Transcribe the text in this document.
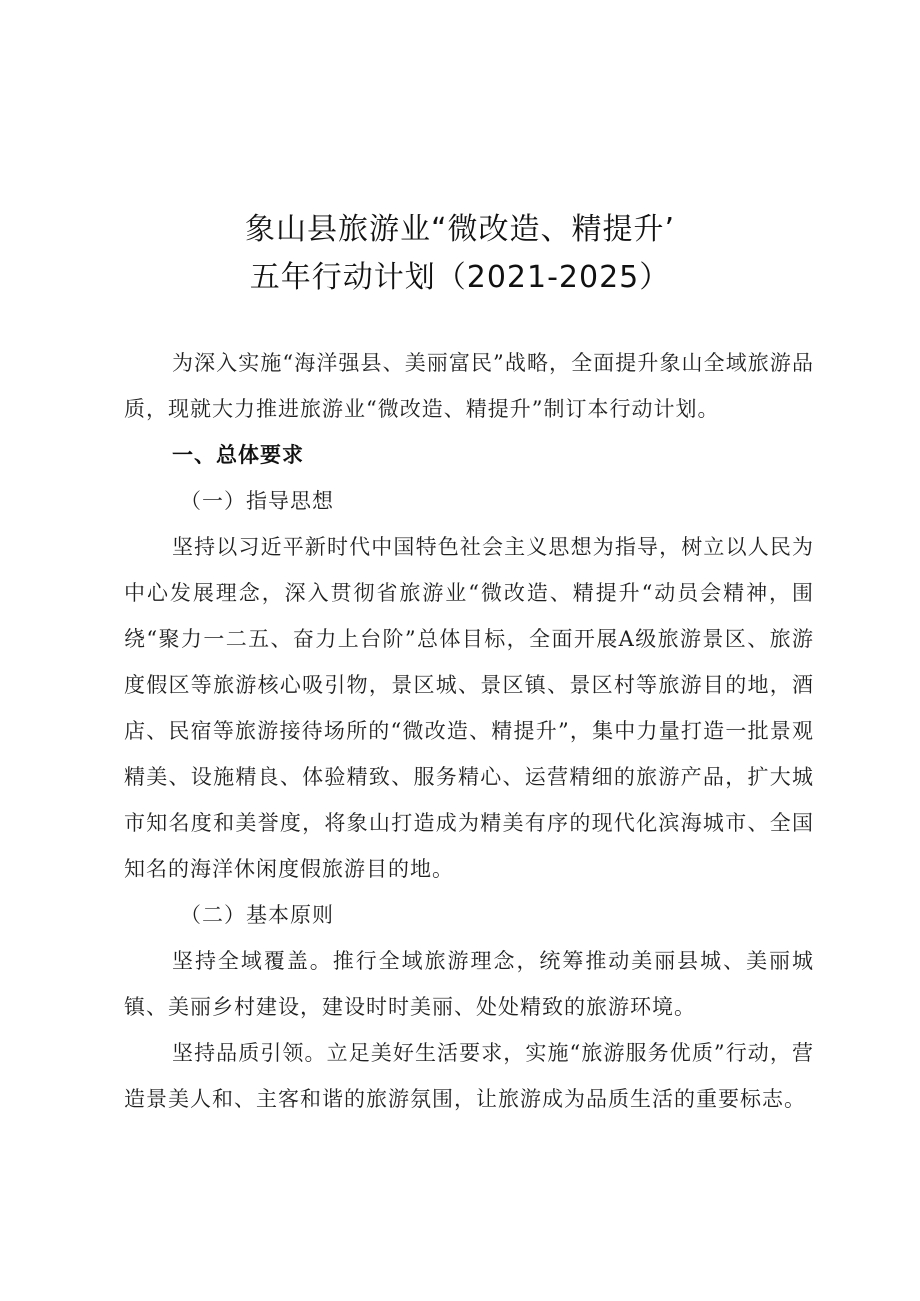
象山县旅游业“微改造、精提升’
五年行动计划（2021-2025）
为深入实施“海洋强县、美丽富民”战略，全面提升象山全域旅游品质，现就大力推进旅游业“微改造、精提升”制订本行动计划。
一、总体要求
（一）指导思想
坚持以习近平新时代中国特色社会主义思想为指导，树立以人民为中心发展理念，深入贯彻省旅游业“微改造、精提升“动员会精神，围绕“聚力一二五、奋力上台阶”总体目标，全面开展A级旅游景区、旅游度假区等旅游核心吸引物，景区城、景区镇、景区村等旅游目的地，酒店、民宿等旅游接待场所的“微改造、精提升”，集中力量打造一批景观精美、设施精良、体验精致、服务精心、运营精细的旅游产品，扩大城市知名度和美誉度，将象山打造成为精美有序的现代化滨海城市、全国知名的海洋休闲度假旅游目的地。
（二）基本原则
坚持全域覆盖。推行全域旅游理念，统筹推动美丽县城、美丽城镇、美丽乡村建设，建设时时美丽、处处精致的旅游环境。
坚持品质引领。立足美好生活要求，实施“旅游服务优质”行动，营造景美人和、主客和谐的旅游氛围，让旅游成为品质生活的重要标志。
